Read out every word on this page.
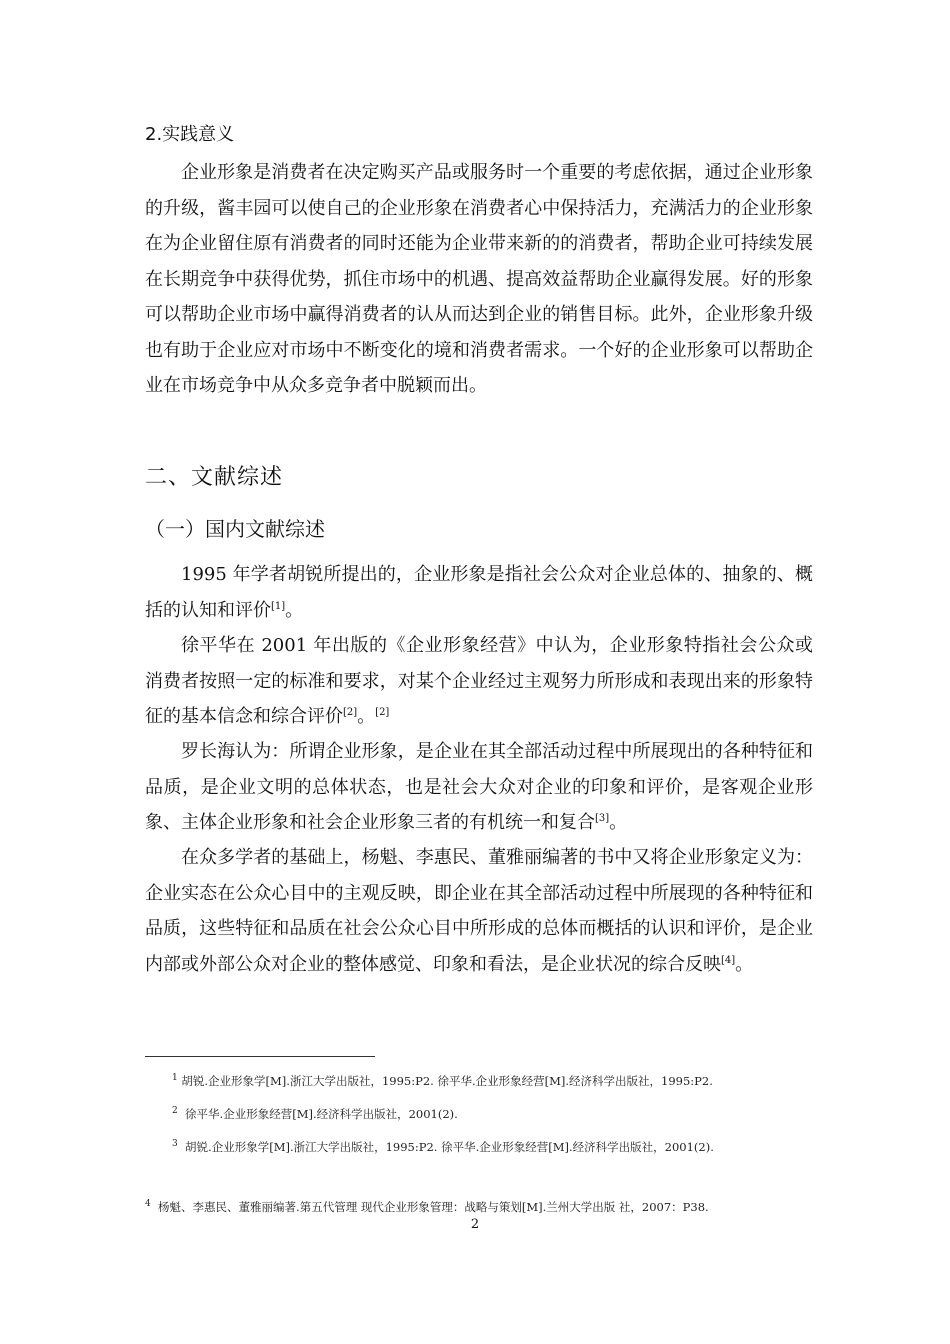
2.实践意义

企业形象是消费者在决定购买产品或服务时一个重要的考虑依据，通过企业形象的升级，酱丰园可以使自己的企业形象在消费者心中保持活力，充满活力的企业形象在为企业留住原有消费者的同时还能为企业带来新的的消费者，帮助企业可持续发展在长期竞争中获得优势，抓住市场中的机遇、提高效益帮助企业赢得发展。好的形象可以帮助企业市场中赢得消费者的认从而达到企业的销售目标。此外，企业形象升级也有助于企业应对市场中不断变化的境和消费者需求。一个好的企业形象可以帮助企业在市场竞争中从众多竞争者中脱颖而出。

二、文献综述
（一）国内文献综述

1995 年学者胡锐所提出的，企业形象是指社会公众对企业总体的、抽象的、概括的认知和评价[1]。

徐平华在 2001 年出版的《企业形象经营》中认为，企业形象特指社会公众或消费者按照一定的标准和要求，对某个企业经过主观努力所形成和表现出来的形象特征的基本信念和综合评价[2]。[2]

罗长海认为：所谓企业形象，是企业在其全部活动过程中所展现出的各种特征和品质，是企业文明的总体状态，也是社会大众对企业的印象和评价，是客观企业形象、主体企业形象和社会企业形象三者的有机统一和复合[3]。

在众多学者的基础上，杨魁、李惠民、董雅丽编著的书中又将企业形象定义为：企业实态在公众心目中的主观反映，即企业在其全部活动过程中所展现的各种特征和品质，这些特征和品质在社会公众心目中所形成的总体而概括的认识和评价，是企业内部或外部公众对企业的整体感觉、印象和看法，是企业状况的综合反映[4]。

$^1$ 胡锐.企业形象学[M].浙江大学出版社，1995:P2. 徐平华.企业形象经营[M].经济科学出版社，1995:P2.
$^2$ 徐平华.企业形象经营[M].经济科学出版社，2001(2).
$^3$ 胡锐.企业形象学[M].浙江大学出版社，1995:P2. 徐平华.企业形象经营[M].经济科学出版社，2001(2).
$^4$ 杨魁、李惠民、董雅丽编著.第五代管理 现代企业形象管理：战略与策划[M].兰州大学出版 社，2007：P38.
2
